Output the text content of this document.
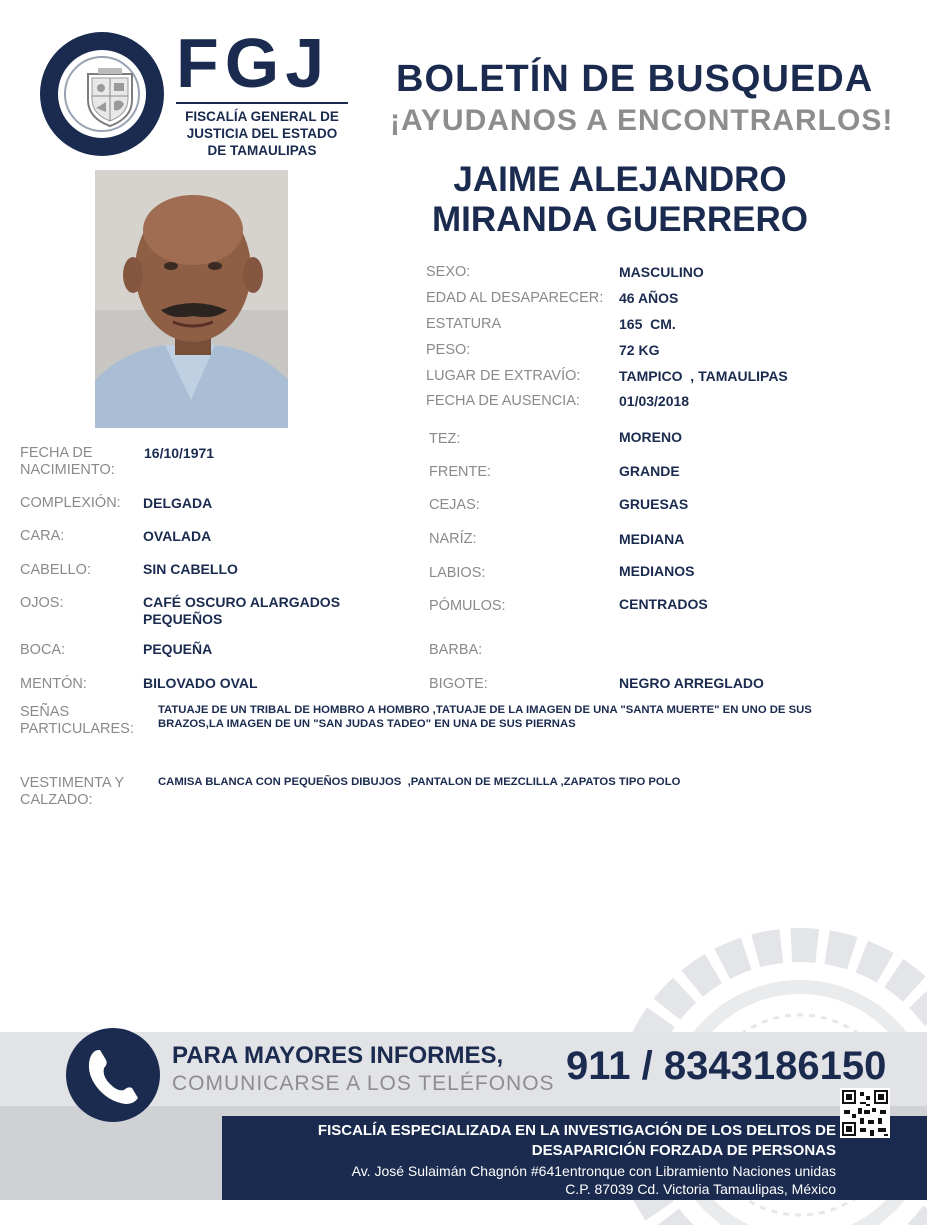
FGJ
FISCALÍA GENERAL DE
JUSTICIA DEL ESTADO
DE TAMAULIPAS
BOLETÍN DE BUSQUEDA
¡AYUDANOS A ENCONTRARLOS!
JAIME ALEJANDRO
MIRANDA GUERRERO
SEXO:	MASCULINO
EDAD AL DESAPARECER: 46 AÑOS
ESTATURA	165  CM.
PESO:	72 KG
LUGAR DE EXTRAVÍO:	TAMPICO  , TAMAULIPAS
FECHA DE AUSENCIA:	01/03/2018
FECHA DE
NACIMIENTO:
16/10/1971
COMPLEXIÓN: DELGADA
CARA:	OVALADA
CABELLO:	SIN CABELLO
OJOS:	CAFÉ OSCURO ALARGADOS
PEQUEÑOS
BOCA:	PEQUEÑA
MENTÓN:	BILOVADO OVAL
TEZ:	MORENO
FRENTE:	GRANDE
CEJAS:	GRUESAS
NARÍZ:	MEDIANA
LABIOS:	MEDIANOS
PÓMULOS:	CENTRADOS
BARBA:
BIGOTE:	NEGRO ARREGLADO
SEÑAS
PARTICULARES:
TATUAJE DE UN TRIBAL DE HOMBRO A HOMBRO ,TATUAJE DE LA IMAGEN DE UNA "SANTA MUERTE" EN UNO DE SUS
BRAZOS,LA IMAGEN DE UN "SAN JUDAS TADEO" EN UNA DE SUS PIERNAS
VESTIMENTA Y
CALZADO:
CAMISA BLANCA CON PEQUEÑOS DIBUJOS  ,PANTALON DE MEZCLILLA ,ZAPATOS TIPO POLO
PARA MAYORES INFORMES,
COMUNICARSE A LOS TELÉFONOS 911 / 8343186150
FISCALÍA ESPECIALIZADA EN LA INVESTIGACIÓN DE LOS DELITOS DE
DESAPARICIÓN FORZADA DE PERSONAS
Av. José Sulaimán Chagnón #641entronque con Libramiento Naciones unidas
C.P. 87039 Cd. Victoria Tamaulipas, México
